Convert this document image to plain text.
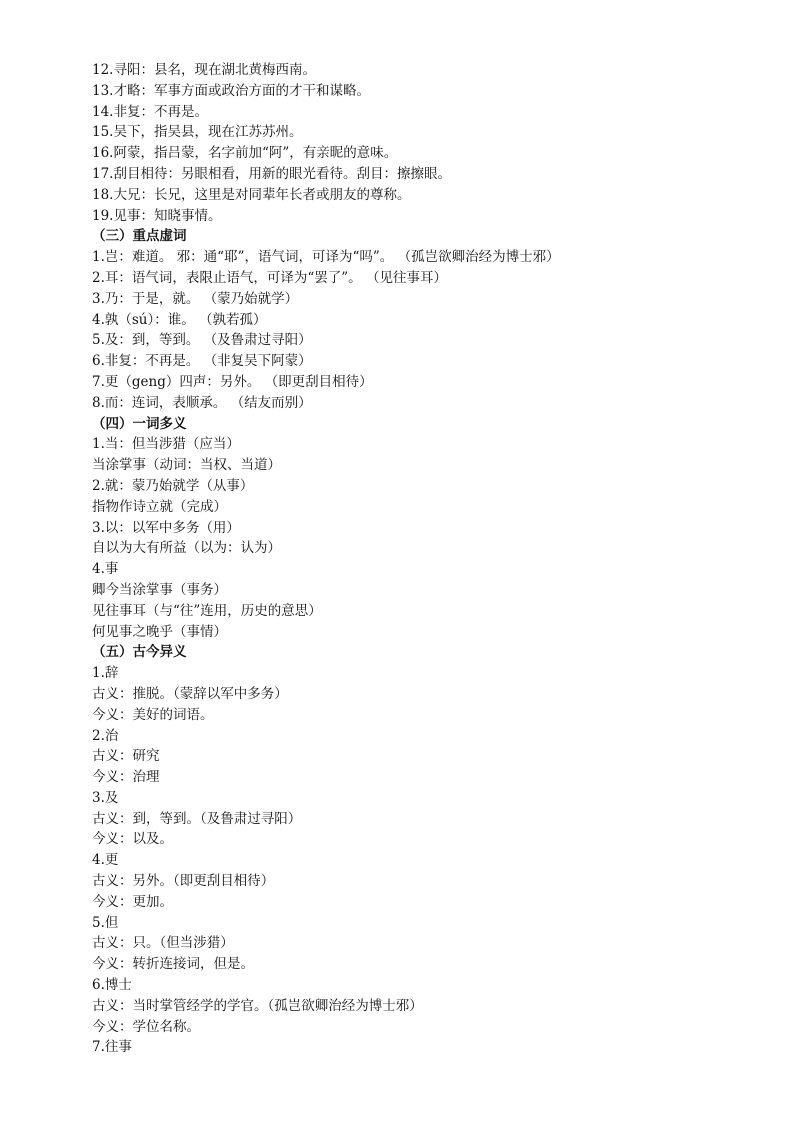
12.寻阳：县名，现在湖北黄梅西南。
13.才略：军事方面或政治方面的才干和谋略。
14.非复：不再是。
15.吴下，指吴县，现在江苏苏州。
16.阿蒙，指吕蒙，名字前加“阿”，有亲昵的意味。
17.刮目相待：另眼相看，用新的眼光看待。刮目：擦擦眼。
18.大兄：长兄，这里是对同辈年长者或朋友的尊称。
19.见事：知晓事情。
（三）重点虚词
1.岂：难道。 邪：通“耶”，语气词，可译为“吗”。 （孤岂欲卿治经为博士邪）
2.耳：语气词，表限止语气，可译为“罢了”。 （见往事耳）
3.乃：于是，就。 （蒙乃始就学）
4.孰（sú）：谁。 （孰若孤）
5.及：到，等到。 （及鲁肃过寻阳）
6.非复：不再是。 （非复吴下阿蒙）
7.更（geng）四声：另外。 （即更刮目相待）
8.而：连词，表顺承。 （结友而别）
（四）一词多义
1.当：但当涉猎（应当）
当涂掌事（动词：当权、当道）
2.就：蒙乃始就学（从事）
指物作诗立就（完成）
3.以：以军中多务（用）
自以为大有所益（以为：认为）
4.事
卿今当涂掌事（事务）
见往事耳（与“往”连用，历史的意思）
何见事之晚乎（事情）
（五）古今异义
1.辞
古义：推脱。（蒙辞以军中多务）
今义：美好的词语。
2.治
古义：研究
今义：治理
3.及
古义：到，等到。（及鲁肃过寻阳）
今义：以及。
4.更
古义：另外。（即更刮目相待）
今义：更加。
5.但
古义：只。（但当涉猎）
今义：转折连接词，但是。
6.博士
古义：当时掌管经学的学官。（孤岂欲卿治经为博士邪）
今义：学位名称。
7.往事
